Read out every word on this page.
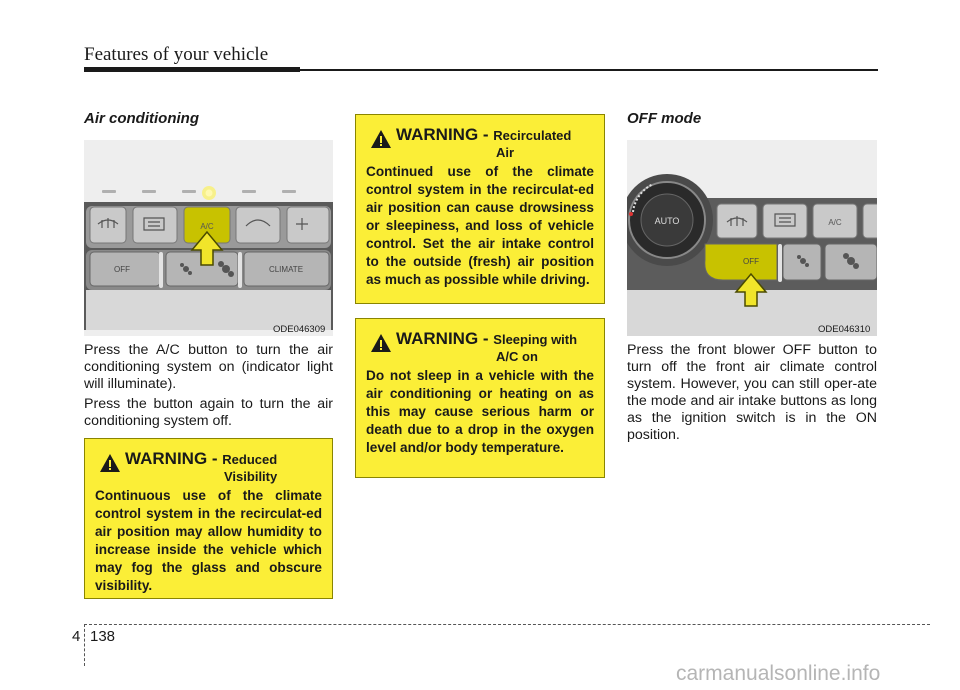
Features of your vehicle
Air conditioning
A/C
OFF	CLIMATE
ODE046309
Press the A/C button to turn the air conditioning system on (indicator light will illuminate).
Press the button again to turn the air conditioning system off.
WARNING - Reduced
Visibility
Continuous use of the climate control system in the recirculat-ed air position may allow humidity to increase inside the vehicle which may fog the glass and obscure visibility.
WARNING - Recirculated
Air
Continued use of the climate control system in the recirculat-ed air position can cause drowsiness or sleepiness, and loss of vehicle control. Set the air intake control to the outside (fresh) air position as much as possible while driving.
WARNING - Sleeping with
A/C on
Do not sleep in a vehicle with the air conditioning or heating on as this may cause serious harm or death due to a drop in the oxygen level and/or body temperature.
OFF mode
AUTO	A/C
OFF
ODE046310
Press the front blower OFF button to turn off the front air climate control system. However, you can still oper-ate the mode and air intake buttons as long as the ignition switch is in the ON position.
4 138
carmanualsonline.info
